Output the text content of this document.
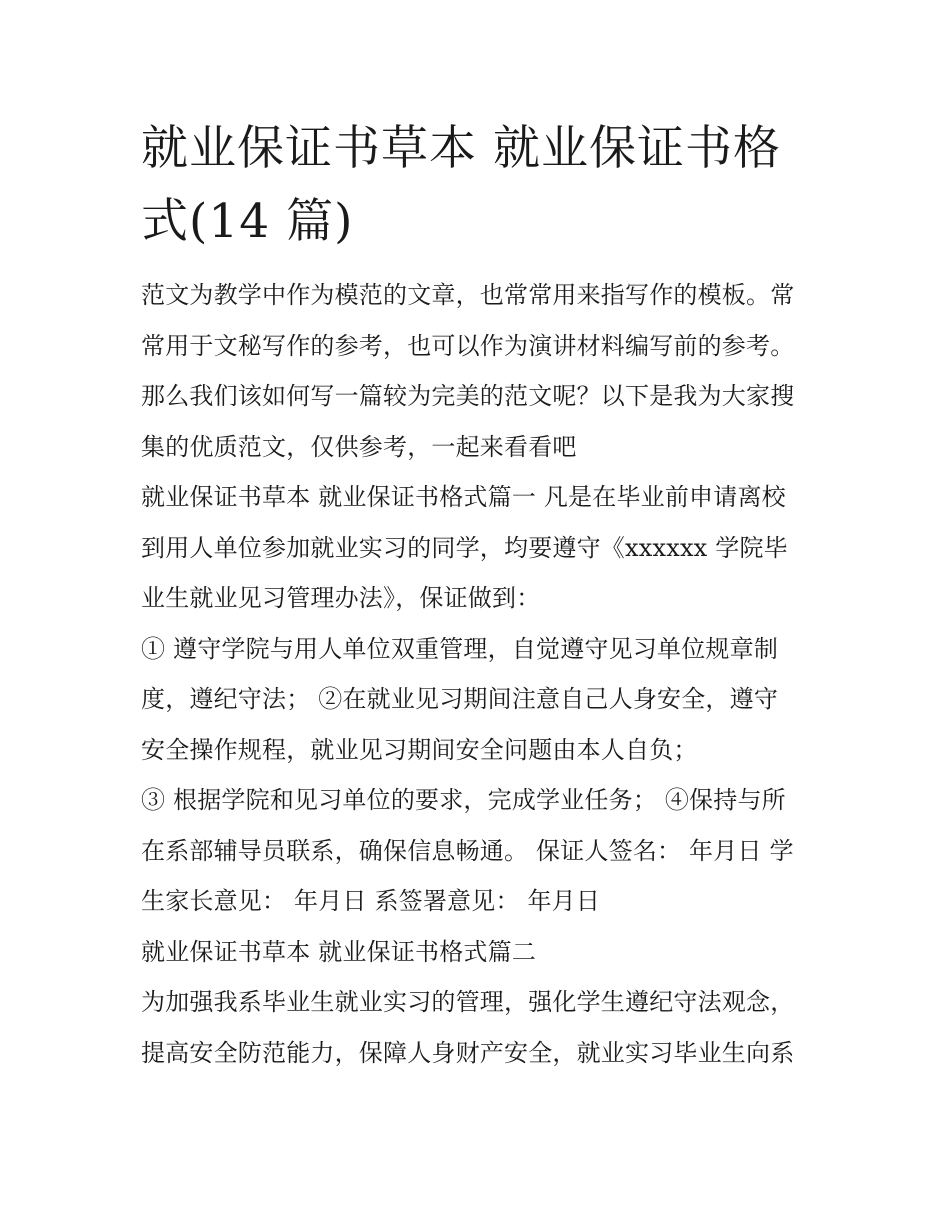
就业保证书草本 就业保证书格
式(14 篇)
范文为教学中作为模范的文章，也常常用来指写作的模板。常
常用于文秘写作的参考，也可以作为演讲材料编写前的参考。
那么我们该如何写一篇较为完美的范文呢？以下是我为大家搜
集的优质范文，仅供参考，一起来看看吧
就业保证书草本 就业保证书格式篇一 凡是在毕业前申请离校
到用人单位参加就业实习的同学，均要遵守《xxxxxx 学院毕
业生就业见习管理办法》，保证做到：
① 遵守学院与用人单位双重管理，自觉遵守见习单位规章制
度，遵纪守法； ②在就业见习期间注意自己人身安全，遵守
安全操作规程，就业见习期间安全问题由本人自负；
③ 根据学院和见习单位的要求，完成学业任务； ④保持与所
在系部辅导员联系，确保信息畅通。 保证人签名： 年月日 学
生家长意见： 年月日 系签署意见： 年月日
就业保证书草本 就业保证书格式篇二
为加强我系毕业生就业实习的管理，强化学生遵纪守法观念，
提高安全防范能力，保障人身财产安全，就业实习毕业生向系
